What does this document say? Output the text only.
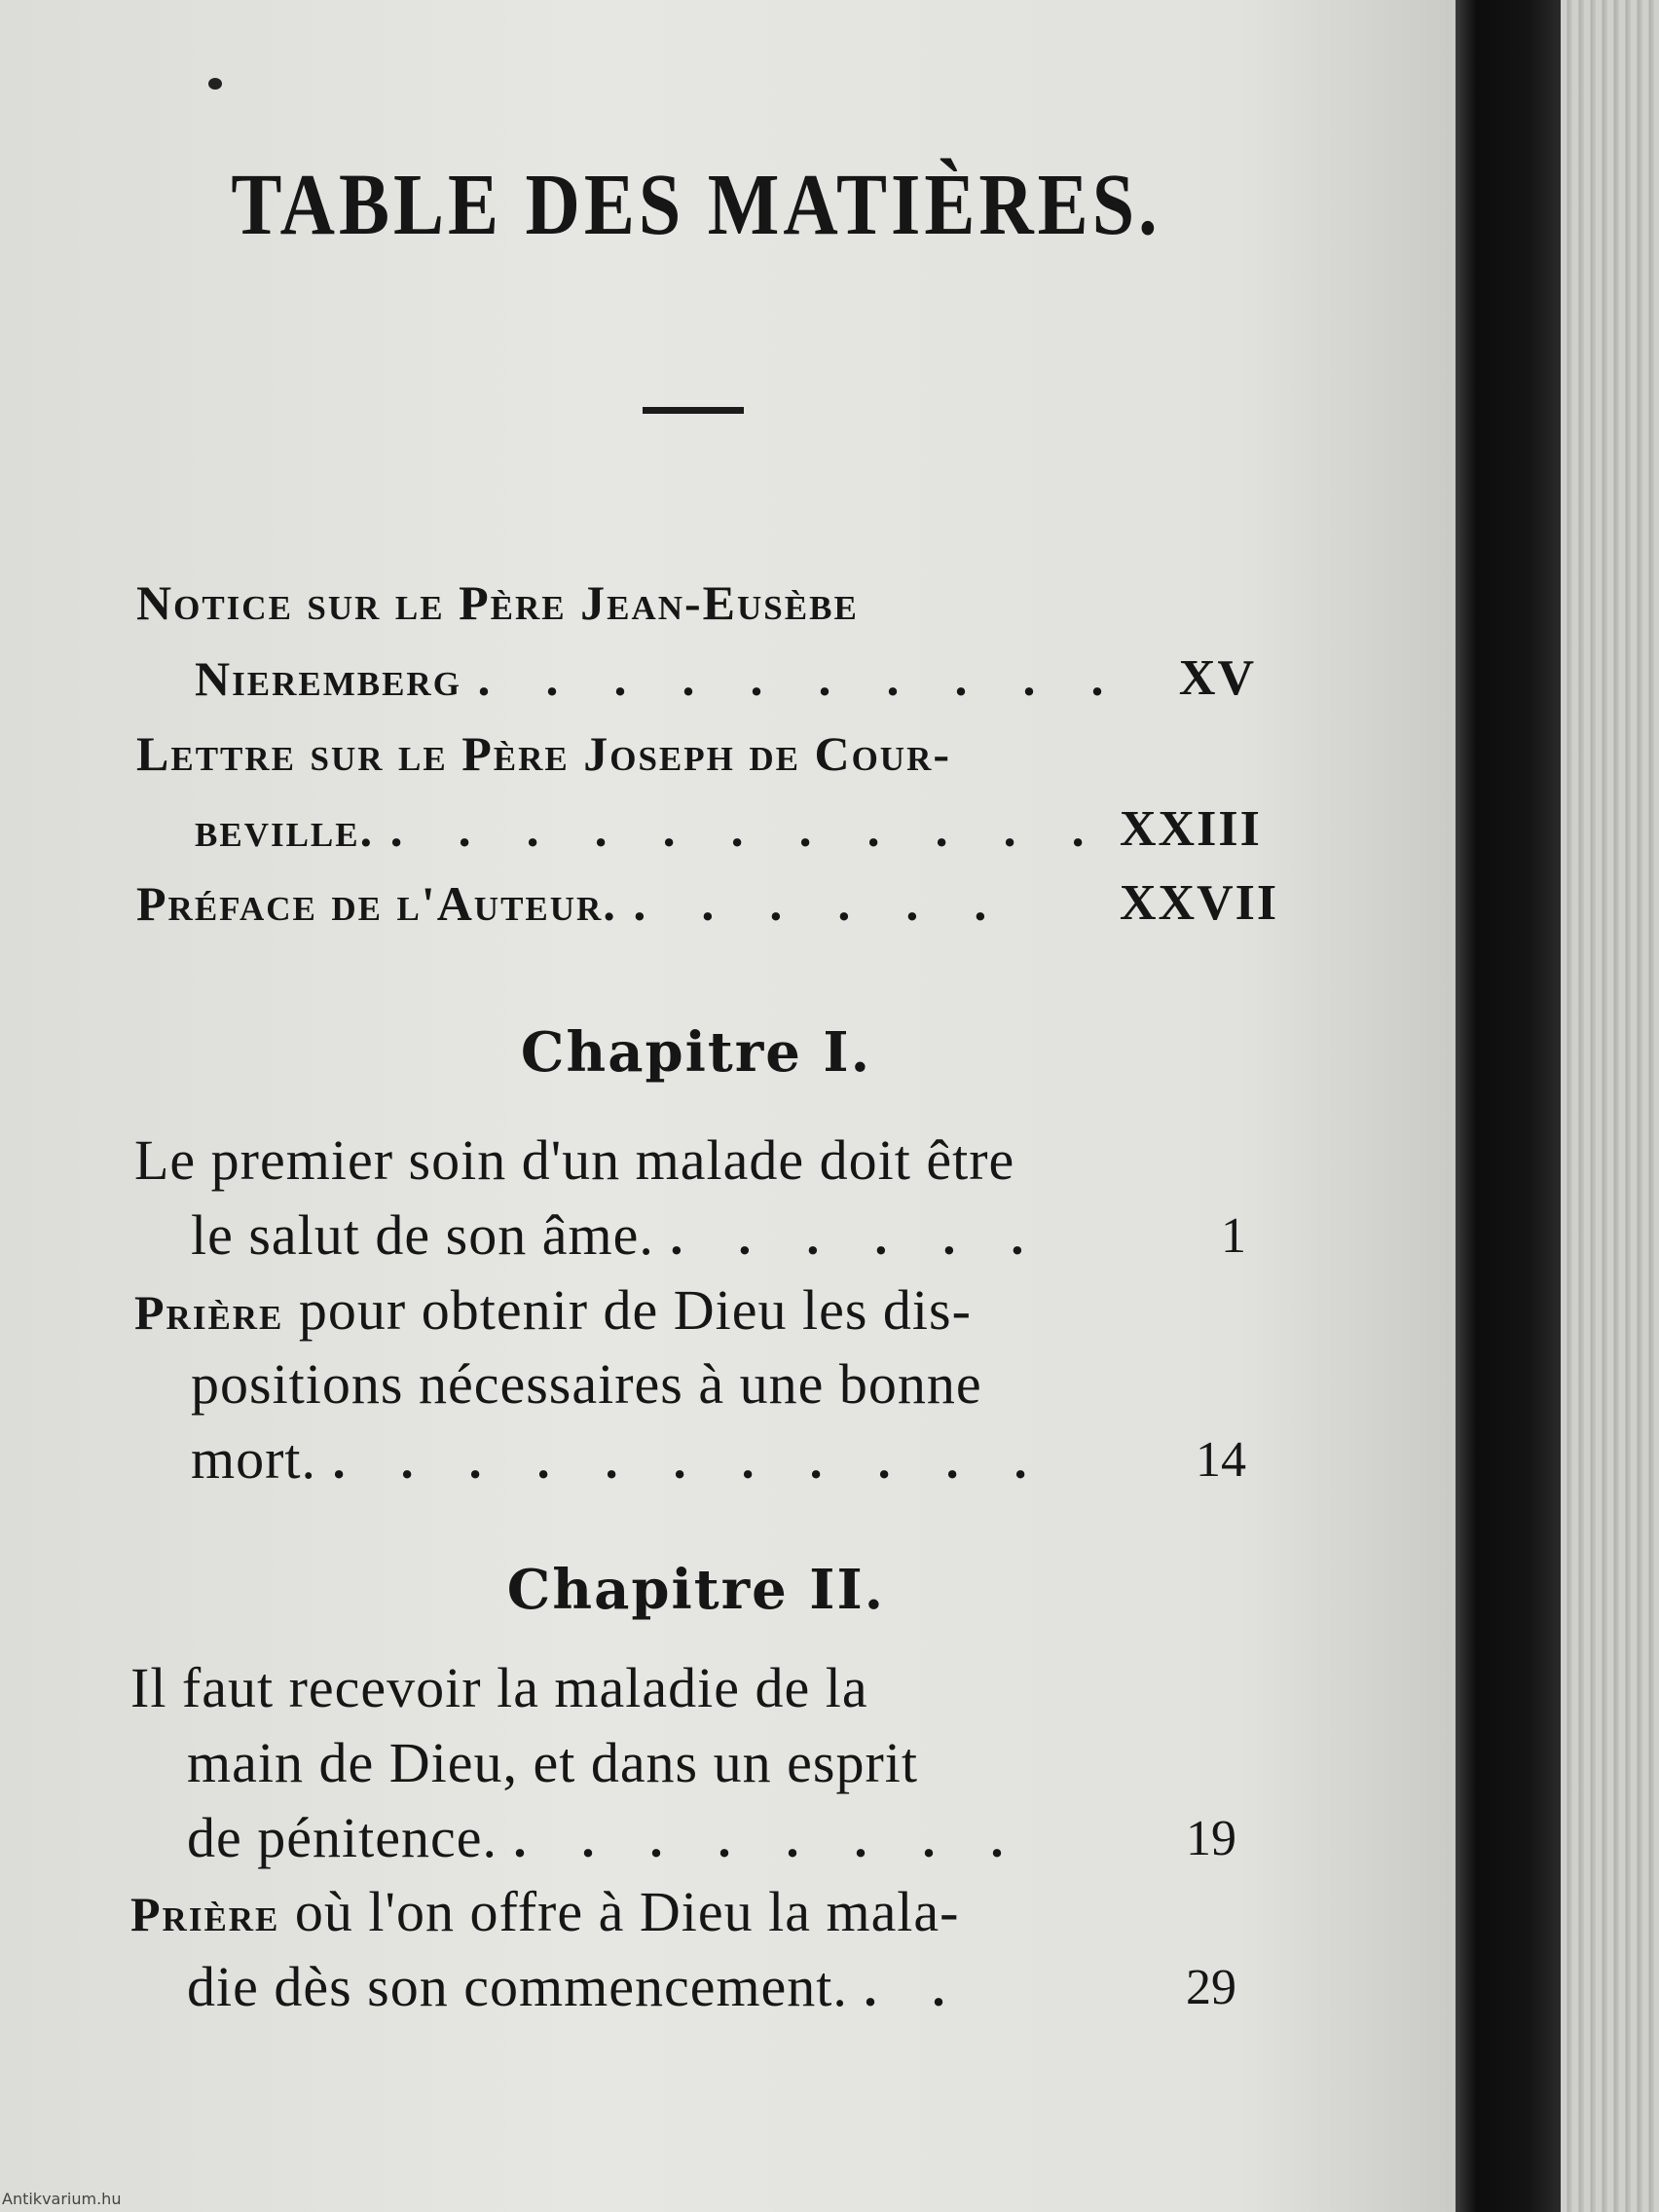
TABLE DES MATIÈRES.
Notice sur le Père Jean-Eusèbe
Nieremberg . . . . . . . . . .	XV
Lettre sur le Père Joseph de Cour-
beville. . . . . . . . . . . . XXIII
Préface de l'Auteur. . . . . . . XXVII
Chapitre I.
Le premier soin d'un malade doit être
le salut de son âme. . . . . . .	1
Prière pour obtenir de Dieu les dis-
positions nécessaires à une bonne
mort. . . . . . . . . . . .	14
Chapitre II.
Il faut recevoir la maladie de la
main de Dieu, et dans un esprit
de pénitence. . . . . . . . .	19
Prière où l'on offre à Dieu la mala-
die dès son commencement. . .	29
Antikvarium.hu
